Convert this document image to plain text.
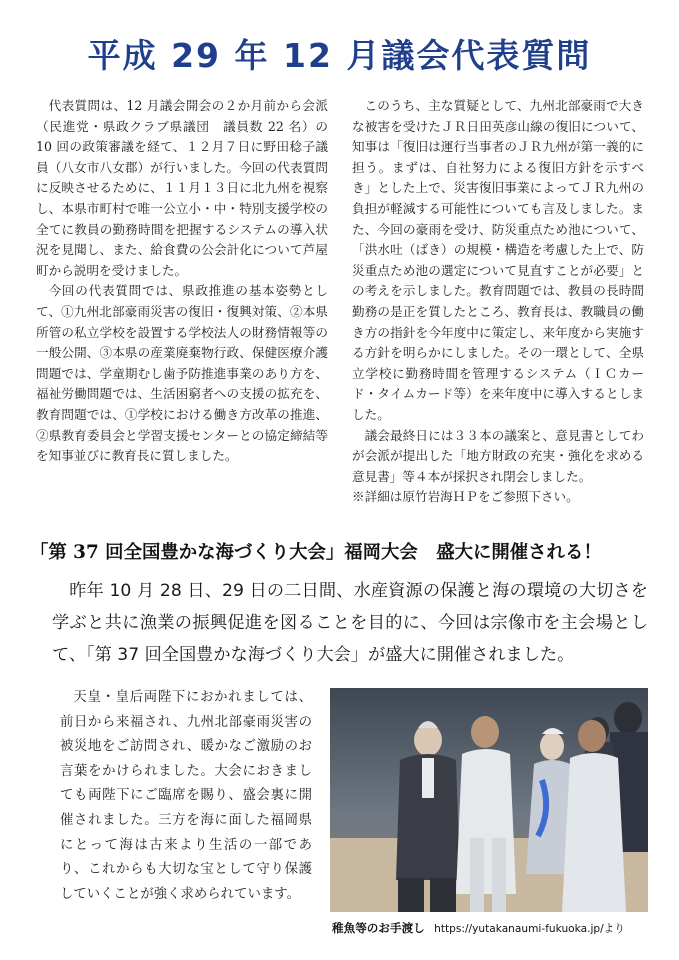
平成 29 年 12 月議会代表質問

代表質問は、12 月議会開会の２か月前から会派（民進党・県政クラブ県議団　議員数 22 名）の 10 回の政策審議を経て、１２月７日に野田稔子議員（八女市八女郡）が行いました。今回の代表質問に反映させるために、１１月１３日に北九州を視察し、本県市町村で唯一公立小・中・特別支援学校の全てに教員の勤務時間を把握するシステムの導入状況を見聞し、また、給食費の公会計化について芦屋町から説明を受けました。

今回の代表質問では、県政推進の基本姿勢として、①九州北部豪雨災害の復旧・復興対策、②本県所管の私立学校を設置する学校法人の財務情報等の一般公開、③本県の産業廃棄物行政、保健医療介護問題では、学童期むし歯予防推進事業のあり方を、福祉労働問題では、生活困窮者への支援の拡充を、教育問題では、①学校における働き方改革の推進、②県教育委員会と学習支援センターとの協定締結等を知事並びに教育長に質しました。

このうち、主な質疑として、九州北部豪雨で大きな被害を受けたＪＲ日田英彦山線の復旧について、知事は「復旧は運行当事者のＪＲ九州が第一義的に担う。まずは、自社努力による復旧方針を示すべき」とした上で、災害復旧事業によってＪＲ九州の負担が軽減する可能性についても言及しました。また、今回の豪雨を受け、防災重点ため池について、「洪水吐（ばき）の規模・構造を考慮した上で、防災重点ため池の選定について見直すことが必要」との考えを示しました。教育問題では、教員の長時間勤務の是正を質したところ、教育長は、教職員の働き方の指針を今年度中に策定し、来年度から実施する方針を明らかにしました。その一環として、全県立学校に勤務時間を管理するシステム（ＩＣカード・タイムカード等）を来年度中に導入するとしました。

議会最終日には３３本の議案と、意見書としてわが会派が提出した「地方財政の充実・強化を求める意見書」等４本が採択され閉会しました。

※詳細は原竹岩海ＨＰをご参照下さい。

「第 37 回全国豊かな海づくり大会」福岡大会　盛大に開催される！

昨年 10 月 28 日、29 日の二日間、水産資源の保護と海の環境の大切さを学ぶと共に漁業の振興促進を図ることを目的に、今回は宗像市を主会場として、「第 37 回全国豊かな海づくり大会」が盛大に開催されました。

天皇・皇后両陛下におかれましては、前日から来福され、九州北部豪雨災害の被災地をご訪問され、暖かなご激励のお言葉をかけられました。大会におきましても両陛下にご臨席を賜り、盛会裏に開催されました。三方を海に面した福岡県にとって海は古来より生活の一部であり、これからも大切な宝として守り保護していくことが強く求められています。

稚魚等のお手渡し https://yutakanaumi-fukuoka.jp/より
